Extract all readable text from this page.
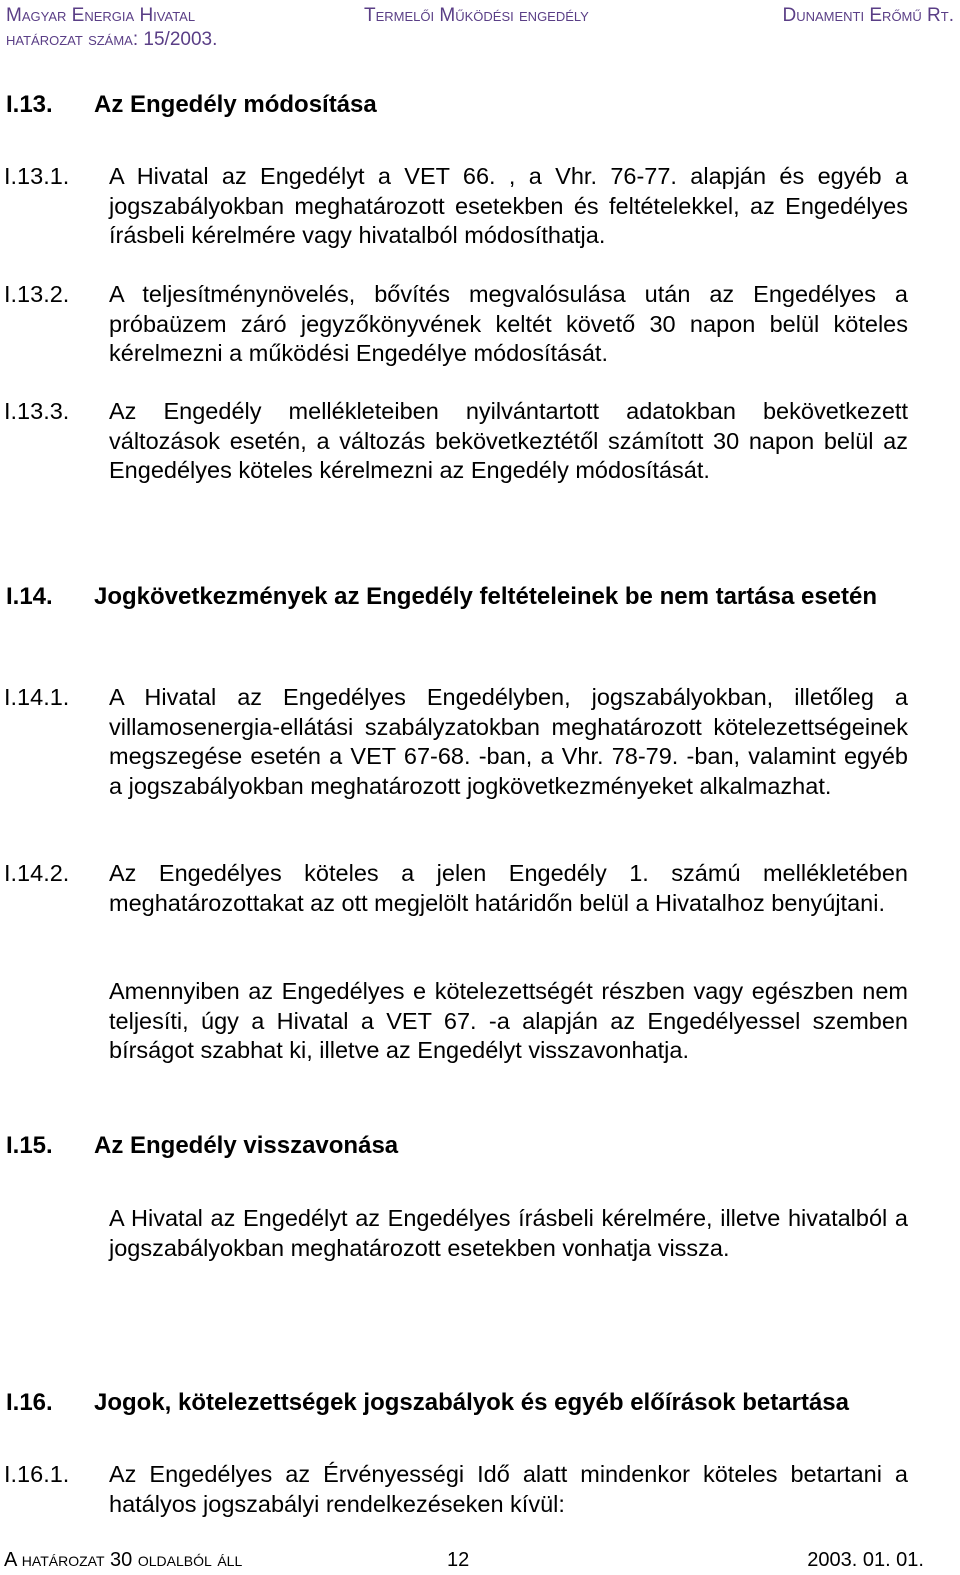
Magyar Energia Hivatal	Termelői Működési engedély	Dunamenti Erőmű Rt.
határozat száma: 15/2003.
I.13. Az Engedély módosítása
I.13.1. A Hivatal az Engedélyt a VET 66. , a Vhr. 76-77. alapján és egyéb a jogszabályokban meghatározott esetekben és feltételekkel, az Engedélyes írásbeli kérelmére vagy hivatalból módosíthatja.
I.13.2. A teljesítménynövelés, bővítés megvalósulása után az Engedélyes a próbaüzem záró jegyzőkönyvének keltét követő 30 napon belül köteles kérelmezni a működési Engedélye módosítását.
I.13.3. Az Engedély mellékleteiben nyilvántartott adatokban bekövetkezett változások esetén, a változás bekövetkeztétől számított 30 napon belül az Engedélyes köteles kérelmezni az Engedély módosítását.
I.14. Jogkövetkezmények az Engedély feltételeinek be nem tartása esetén
I.14.1. A Hivatal az Engedélyes Engedélyben, jogszabályokban, illetőleg a villamosenergia-ellátási szabályzatokban meghatározott kötelezettségeinek megszegése esetén a VET 67-68. -ban, a Vhr. 78-79. -ban, valamint egyéb a jogszabályokban meghatározott jogkövetkezményeket alkalmazhat.
I.14.2. Az Engedélyes köteles a jelen Engedély 1. számú mellékletében meghatározottakat az ott megjelölt határidőn belül a Hivatalhoz benyújtani.
Amennyiben az Engedélyes e kötelezettségét részben vagy egészben nem teljesíti, úgy a Hivatal a VET 67. -a alapján az Engedélyessel szemben bírságot szabhat ki, illetve az Engedélyt visszavonhatja.
I.15. Az Engedély visszavonása
A Hivatal az Engedélyt az Engedélyes írásbeli kérelmére, illetve hivatalból a jogszabályokban meghatározott esetekben vonhatja vissza.
I.16. Jogok, kötelezettségek jogszabályok és egyéb előírások betartása
I.16.1. Az Engedélyes az Érvényességi Idő alatt mindenkor köteles betartani a hatályos jogszabályi rendelkezéseken kívül:
A határozat 30 oldalból áll	12	2003. 01. 01.
